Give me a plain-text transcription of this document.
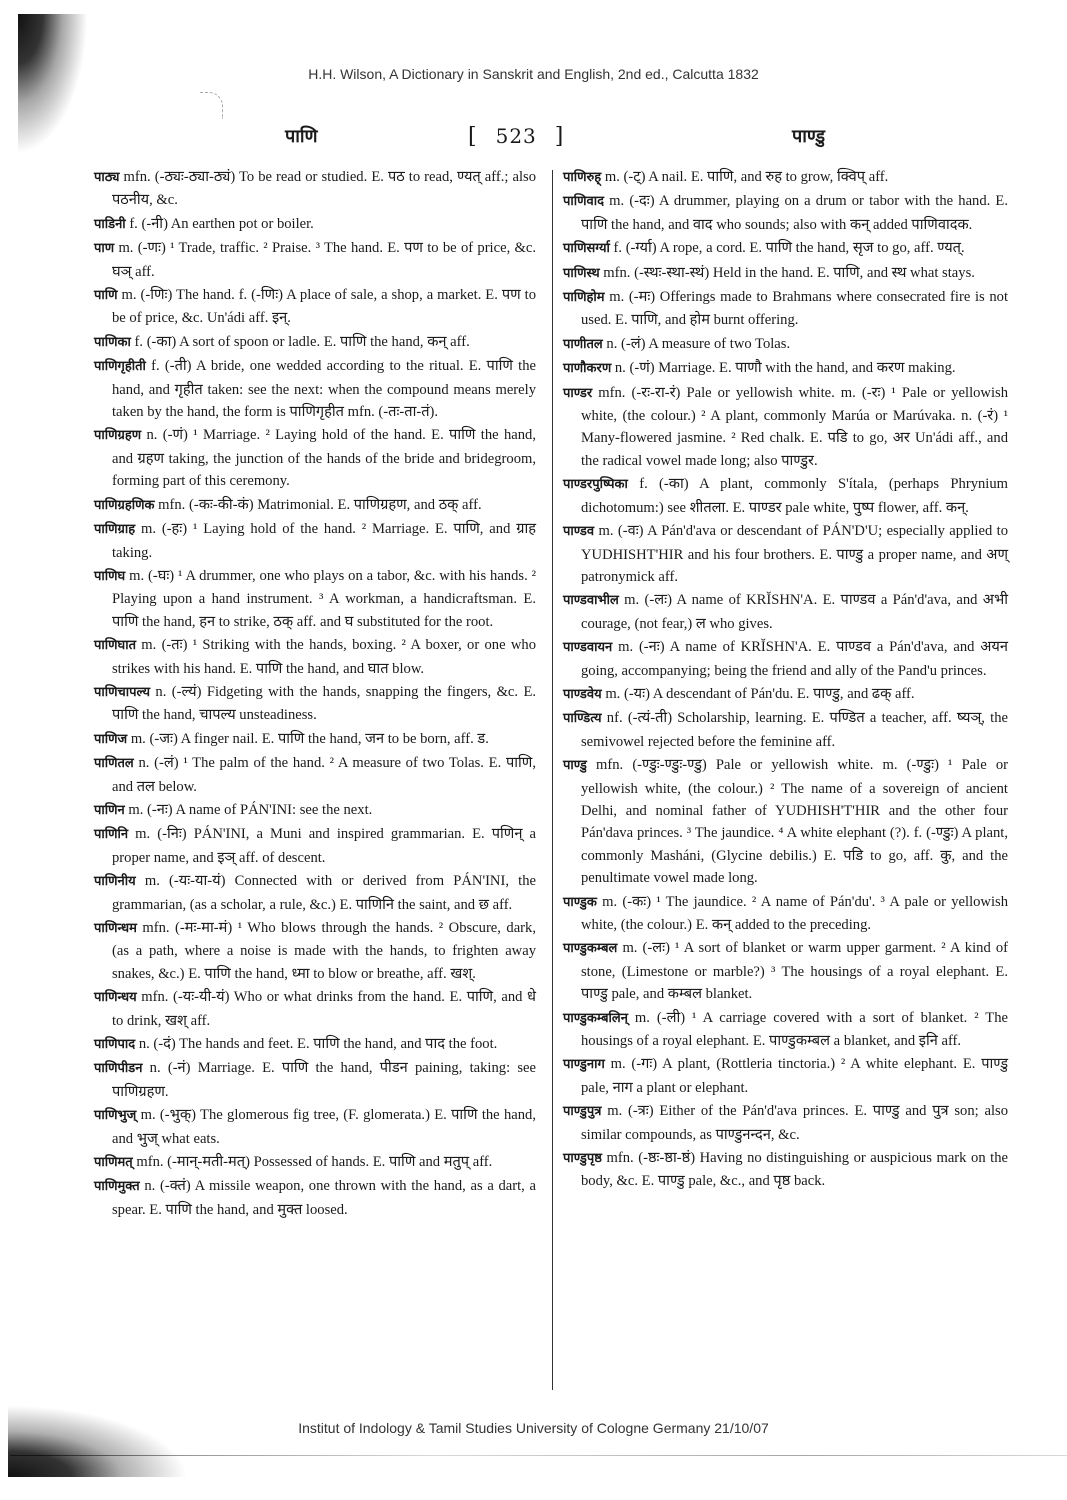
H.H. Wilson, A Dictionary in Sanskrit and English, 2nd ed., Calcutta 1832
पाणि	[ 523 ]	पाण्डु

पाठ्य mfn. (-ठ्यः-ठ्या-ठ्यं) To be read or studied. E. पठ to read, ण्यत् aff.; also पठनीय, &c.

पाडिनी f. (-नी) An earthen pot or boiler.

पाण m. (-णः) ¹ Trade, traffic. ² Praise. ³ The hand. E. पण to be of price, &c. घञ् aff.

पाणि m. (-णिः) The hand. f. (-णिः) A place of sale, a shop, a market. E. पण to be of price, &c. Un'ádi aff. इन्.

पाणिका f. (-का) A sort of spoon or ladle. E. पाणि the hand, कन् aff.

पाणिगृहीती f. (-ती) A bride, one wedded according to the ritual. E. पाणि the hand, and गृहीत taken: see the next: when the compound means merely taken by the hand, the form is पाणिगृहीत mfn. (-तः-ता-तं).

पाणिग्रहण n. (-णं) ¹ Marriage. ² Laying hold of the hand. E. पाणि the hand, and ग्रहण taking, the junction of the hands of the bride and bridegroom, forming part of this ceremony.

पाणिग्रहणिक mfn. (-कः-की-कं) Matrimonial. E. पाणिग्रहण, and ठक् aff.

पाणिग्राह m. (-हः) ¹ Laying hold of the hand. ² Marriage. E. पाणि, and ग्राह taking.

पाणिघ m. (-घः) ¹ A drummer, one who plays on a tabor, &c. with his hands. ² Playing upon a hand instrument. ³ A workman, a handicraftsman. E. पाणि the hand, हन to strike, ठक् aff. and घ substituted for the root.

पाणिघात m. (-तः) ¹ Striking with the hands, boxing. ² A boxer, or one who strikes with his hand. E. पाणि the hand, and घात blow.

पाणिचापल्य n. (-ल्यं) Fidgeting with the hands, snapping the fingers, &c. E. पाणि the hand, चापल्य unsteadiness.

पाणिज m. (-जः) A finger nail. E. पाणि the hand, जन to be born, aff. ड.

पाणितल n. (-लं) ¹ The palm of the hand. ² A measure of two Tolas. E. पाणि, and तल below.

पाणिन m. (-नः) A name of PÁN'INI: see the next.

पाणिनि m. (-निः) PÁN'INI, a Muni and inspired grammarian. E. पणिन् a proper name, and इञ् aff. of descent.

पाणिनीय m. (-यः-या-यं) Connected with or derived from PÁN'INI, the grammarian, (as a scholar, a rule, &c.) E. पाणिनि the saint, and छ aff.

पाणिन्धम mfn. (-मः-मा-मं) ¹ Who blows through the hands. ² Obscure, dark, (as a path, where a noise is made with the hands, to frighten away snakes, &c.) E. पाणि the hand, ध्मा to blow or breathe, aff. खश्.

पाणिन्धय mfn. (-यः-यी-यं) Who or what drinks from the hand. E. पाणि, and धे to drink, खश् aff.

पाणिपाद n. (-दं) The hands and feet. E. पाणि the hand, and पाद the foot.

पाणिपीडन n. (-नं) Marriage. E. पाणि the hand, पीडन paining, taking: see पाणिग्रहण.

पाणिभुज् m. (-भुक्) The glomerous fig tree, (F. glomerata.) E. पाणि the hand, and भुज् what eats.

पाणिमत् mfn. (-मान्-मती-मत्) Possessed of hands. E. पाणि and मतुप् aff.

पाणिमुक्त n. (-क्तं) A missile weapon, one thrown with the hand, as a dart, a spear. E. पाणि the hand, and मुक्त loosed.

पाणिरुह् m. (-ट्) A nail. E. पाणि, and रुह to grow, क्विप् aff.

पाणिवाद m. (-दः) A drummer, playing on a drum or tabor with the hand. E. पाणि the hand, and वाद who sounds; also with कन् added पाणिवादक.

पाणिसर्ग्या f. (-र्ग्या) A rope, a cord. E. पाणि the hand, सृज to go, aff. ण्यत्.

पाणिस्थ mfn. (-स्थः-स्था-स्थं) Held in the hand. E. पाणि, and स्थ what stays.

पाणिहोम m. (-मः) Offerings made to Brahmans where consecrated fire is not used. E. पाणि, and होम burnt offering.

पाणीतल n. (-लं) A measure of two Tolas.

पाणौकरण n. (-णं) Marriage. E. पाणौ with the hand, and करण making.

पाण्डर mfn. (-रः-रा-रं) Pale or yellowish white. m. (-रः) ¹ Pale or yellowish white, (the colour.) ² A plant, commonly Marúa or Marúvaka. n. (-रं) ¹ Many-flowered jasmine. ² Red chalk. E. पडि to go, अर Un'ádi aff., and the radical vowel made long; also पाण्डुर.

पाण्डरपुष्पिका f. (-का) A plant, commonly S'ítala, (perhaps Phrynium dichotomum:) see शीतला. E. पाण्डर pale white, पुष्प flower, aff. कन्.

पाण्डव m. (-वः) A Pán'd'ava or descendant of PÁN'D'U; especially applied to YUDHISHT'HIR and his four brothers. E. पाण्डु a proper name, and अण् patronymick aff.

पाण्डवाभील m. (-लः) A name of KRĬSHN'A. E. पाण्डव a Pán'd'ava, and अभी courage, (not fear,) ल who gives.

पाण्डवायन m. (-नः) A name of KRĬSHN'A. E. पाण्डव a Pán'd'ava, and अयन going, accompanying; being the friend and ally of the Pand'u princes.

पाण्डवेय m. (-यः) A descendant of Pán'du. E. पाण्डु, and ढक् aff.

पाण्डित्य nf. (-त्यं-ती) Scholarship, learning. E. पण्डित a teacher, aff. ष्यञ्, the semivowel rejected before the feminine aff.

पाण्डु mfn. (-ण्डुः-ण्डुः-ण्डु) Pale or yellowish white. m. (-ण्डुः) ¹ Pale or yellowish white, (the colour.) ² The name of a sovereign of ancient Delhi, and nominal father of YUDHISH'T'HIR and the other four Pán'dava princes. ³ The jaundice. ⁴ A white elephant (?). f. (-ण्डुः) A plant, commonly Masháni, (Glycine debilis.) E. पडि to go, aff. कु, and the penultimate vowel made long.

पाण्डुक m. (-कः) ¹ The jaundice. ² A name of Pán'du'. ³ A pale or yellowish white, (the colour.) E. कन् added to the preceding.

पाण्डुकम्बल m. (-लः) ¹ A sort of blanket or warm upper garment. ² A kind of stone, (Limestone or marble?) ³ The housings of a royal elephant. E. पाण्डु pale, and कम्बल blanket.

पाण्डुकम्बलिन् m. (-ली) ¹ A carriage covered with a sort of blanket. ² The housings of a royal elephant. E. पाण्डुकम्बल a blanket, and इनि aff.

पाण्डुनाग m. (-गः) A plant, (Rottleria tinctoria.) ² A white elephant. E. पाण्डु pale, नाग a plant or elephant.

पाण्डुपुत्र m. (-त्रः) Either of the Pán'd'ava princes. E. पाण्डु and पुत्र son; also similar compounds, as पाण्डुनन्दन, &c.

पाण्डुपृष्ठ mfn. (-ष्ठः-ष्ठा-ष्ठं) Having no distinguishing or auspicious mark on the body, &c. E. पाण्डु pale, &c., and पृष्ठ back.

Institut of Indology & Tamil Studies University of Cologne Germany 21/10/07
